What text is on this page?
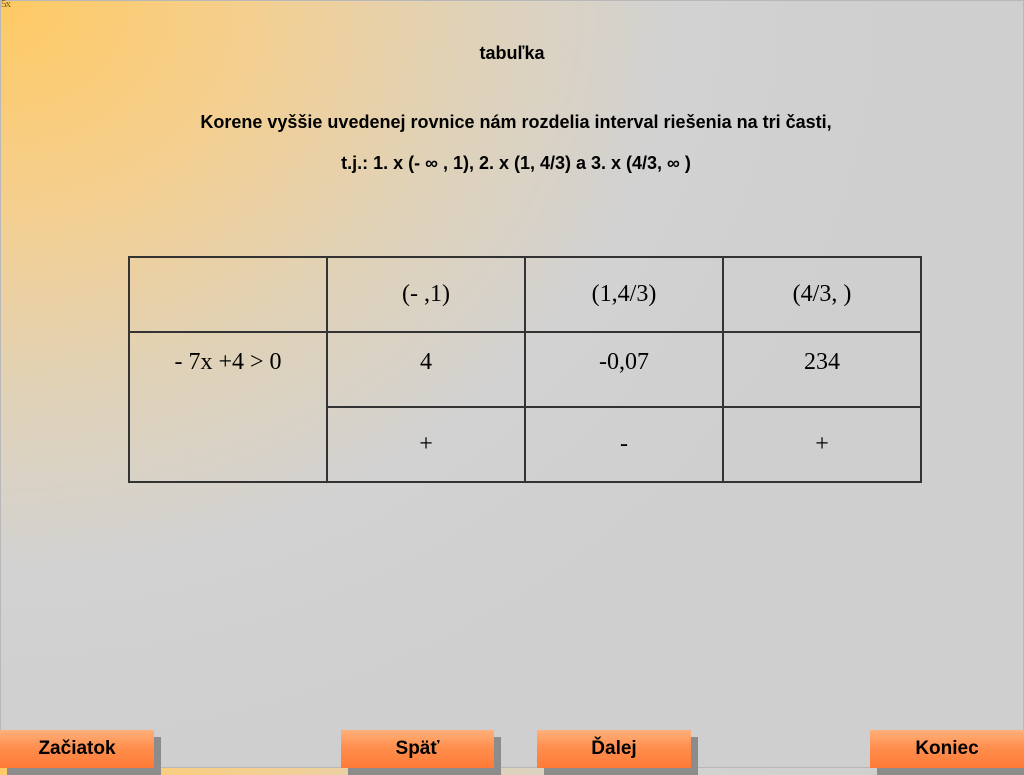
5x
tabuľka
Korene vyššie uvedenej rovnice nám rozdelia interval riešenia na tri časti,
t.j.: 1. x (- ∞ , 1), 2. x (1, 4/3) a 3. x (4/3, ∞ )
	(- ,1)	(1,4/3)	(4/3, )
- 7x +4 > 0	4	-0,07	234
	+	-	+
Začiatok	Späť	Ďalej	Koniec
